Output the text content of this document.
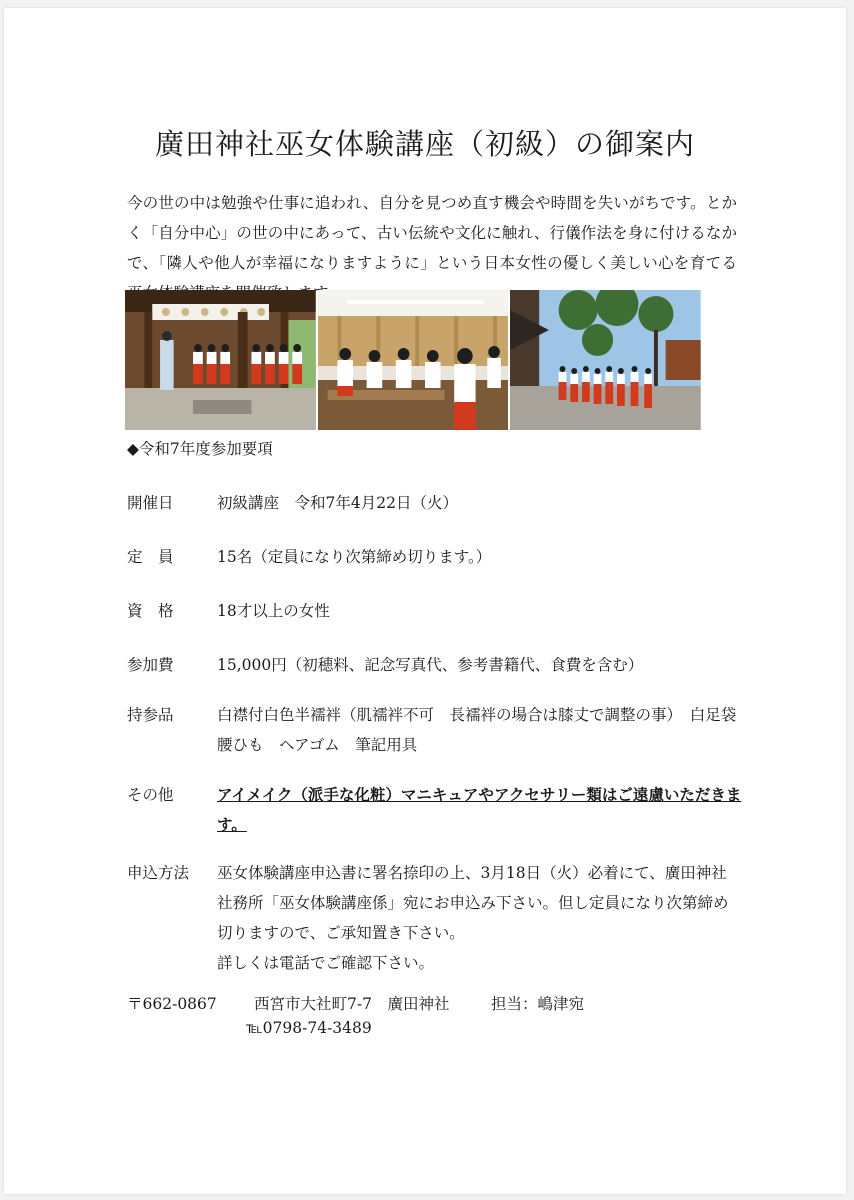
廣田神社巫女体験講座（初級）の御案内

今の世の中は勉強や仕事に追われ、自分を見つめ直す機会や時間を失いがちです。とかく「自分中心」の世の中にあって、古い伝統や文化に触れ、行儀作法を身に付けるなかで、「隣人や他人が幸福になりますように」という日本女性の優しく美しい心を育てる

◆令和7年度参加要項
開催日	初級講座　令和7年4月22日（火）
定　員	15名（定員になり次第締め切ります。）
資　格	18才以上の女性
参加費	15,000円（初穂料、記念写真代、参考書籍代、食費を含む）
持参品	白襟付白色半襦袢（肌襦袢不可　長襦袢の場合は膝丈で調整の事）　白足袋　腰ひも　ヘアゴム　筆記用具
その他	アイメイク（派手な化粧）マニキュアやアクセサリー類はご遠慮いただきます。
申込方法	巫女体験講座申込書に署名捺印の上、3月18日（火）必着にて、廣田神社社務所「巫女体験講座係」宛にお申込み下さい。但し定員になり次第締め切りますので、ご承知置き下さい。
詳しくは電話でご確認下さい。
〒662-0867 西宮市大社町7-7　廣田神社	担当：嶋津宛
℡0798-74-3489
